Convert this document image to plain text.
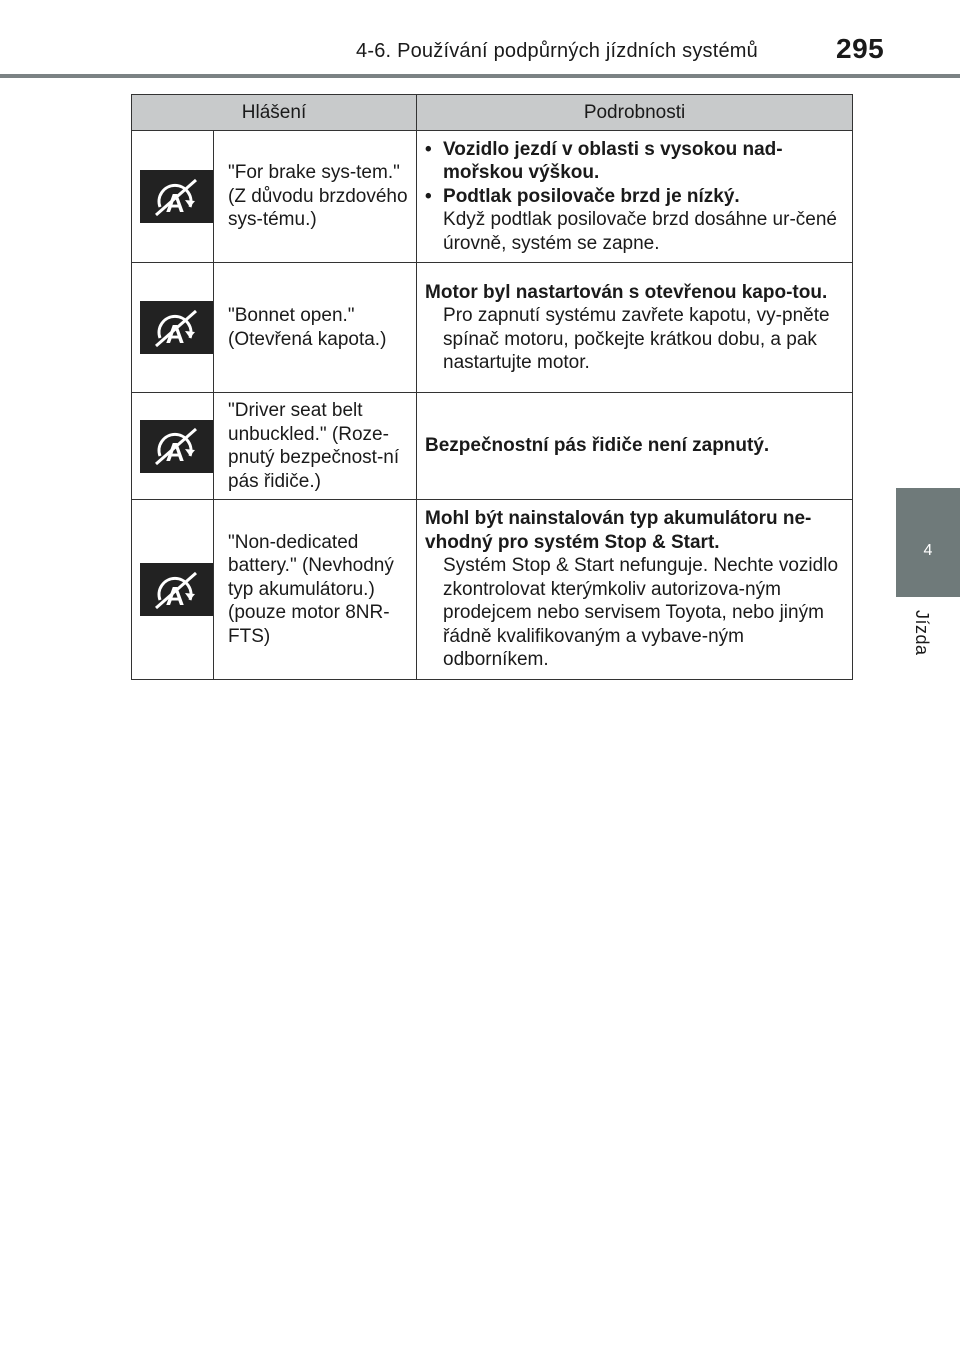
4-6. Používání podpůrných jízdních systémů	295
4
Jízda
Hlášení		Podrobnosti

A	"For brake sys-tem." (Z důvodu brzdového sys-tému.)	• Vozidlo jezdí v oblasti s vysokou nad-mořskou výškou.
• Podtlak posilovače brzd je nízký.
Když podtlak posilovače brzd dosáhne ur-čené úrovně, systém se zapne.

A	"Bonnet open." (Otevřená kapota.)	Motor byl nastartován s otevřenou kapo-tou.
Pro zapnutí systému zavřete kapotu, vy-pněte spínač motoru, počkejte krátkou dobu, a pak nastartujte motor.

A	"Driver seat belt unbuckled." (Roze-pnutý bezpečnost-ní pás řidiče.)	Bezpečnostní pás řidiče není zapnutý.

A	"Non-dedicated battery." (Nevhodný typ akumulátoru.) (pouze motor 8NR-FTS)	Mohl být nainstalován typ akumulátoru ne-vhodný pro systém Stop & Start.
Systém Stop & Start nefunguje. Nechte vozidlo zkontrolovat kterýmkoliv autorizova-ným prodejcem nebo servisem Toyota, nebo jiným řádně kvalifikovaným a vybave-ným odborníkem.
